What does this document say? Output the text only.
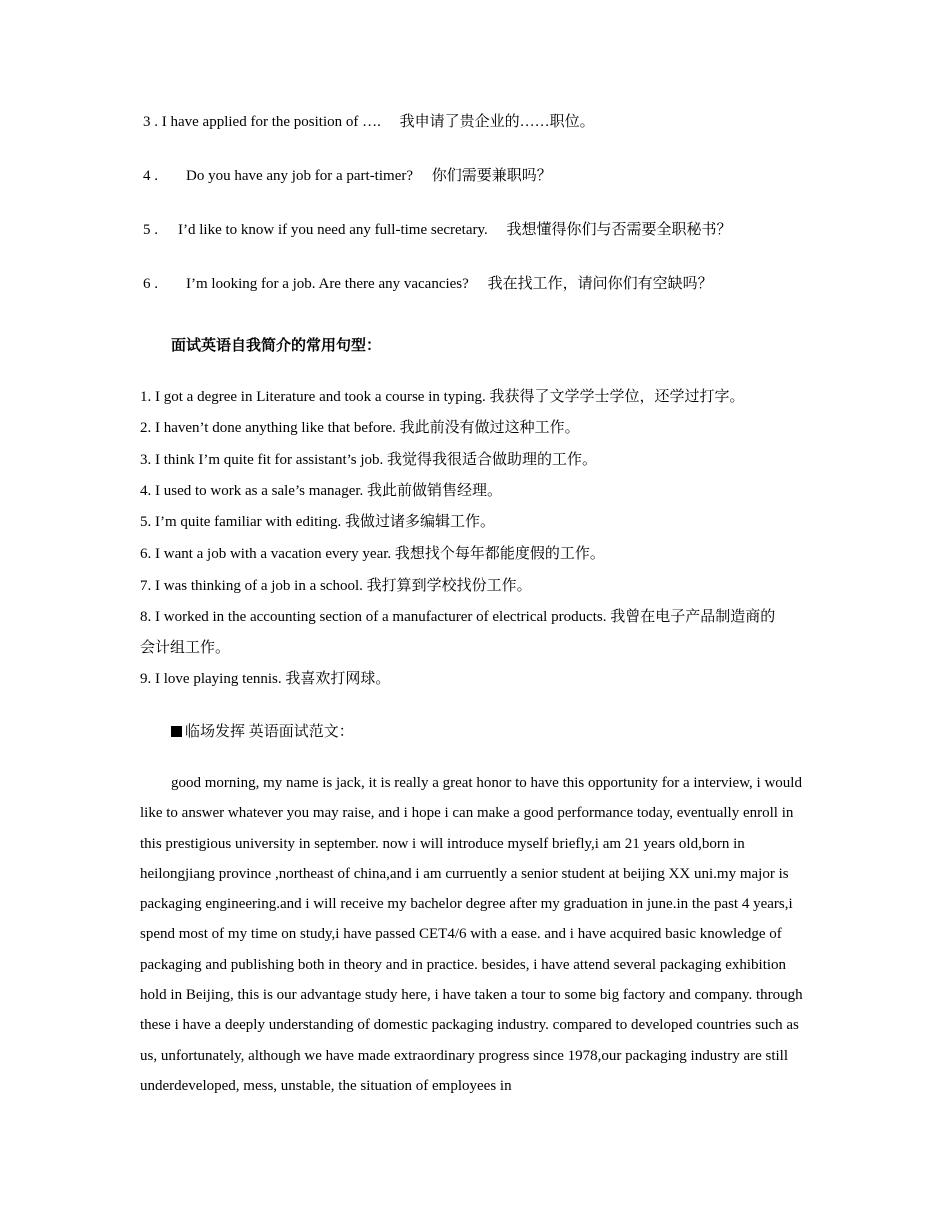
3 . I have applied for the position of …. 我申请了贵企业的……职位。
4 . Do you have any job for a part-timer? 你们需要兼职吗？
5 . I’d like to know if you need any full-time secretary. 我想懂得你们与否需要全职秘书？
6 . I’m looking for a job. Are there any vacancies? 我在找工作，请问你们有空缺吗？
面试英语自我简介的常用句型：
1. I got a degree in Literature and took a course in typing. 我获得了文学学士学位，还学过打字。
2. I haven’t done anything like that before. 我此前没有做过这种工作。
3. I think I’m quite fit for assistant’s job. 我觉得我很适合做助理的工作。
4. I used to work as a sale’s manager. 我此前做销售经理。
5. I’m quite familiar with editing. 我做过诸多编辑工作。
6. I want a job with a vacation every year. 我想找个每年都能度假的工作。
7. I was thinking of a job in a school. 我打算到学校找份工作。
8. I worked in the accounting section of a manufacturer of electrical products. 我曾在电子产品制造商的
会计组工作。
9. I love playing tennis. 我喜欢打网球。
临场发挥 英语面试范文：
good morning, my name is jack, it is really a great honor to have this opportunity for a interview, i would like to answer whatever you may raise, and i hope i can make a good performance today, eventually enroll in this prestigious university in september. now i will introduce myself briefly,i am 21 years old,born in heilongjiang province ,northeast of china,and i am curruently a senior student at beijing XX uni.my major is packaging engineering.and i will receive my bachelor degree after my graduation in june.in the past 4 years,i spend most of my time on study,i have passed CET4/6 with a ease. and i have acquired basic knowledge of packaging and publishing both in theory and in practice. besides, i have attend several packaging exhibition hold in Beijing, this is our advantage study here, i have taken a tour to some big factory and company. through these i have a deeply understanding of domestic packaging industry. compared to developed countries such as us, unfortunately, although we have made extraordinary progress since 1978,our packaging industry are still underdeveloped, mess, unstable, the situation of employees in
